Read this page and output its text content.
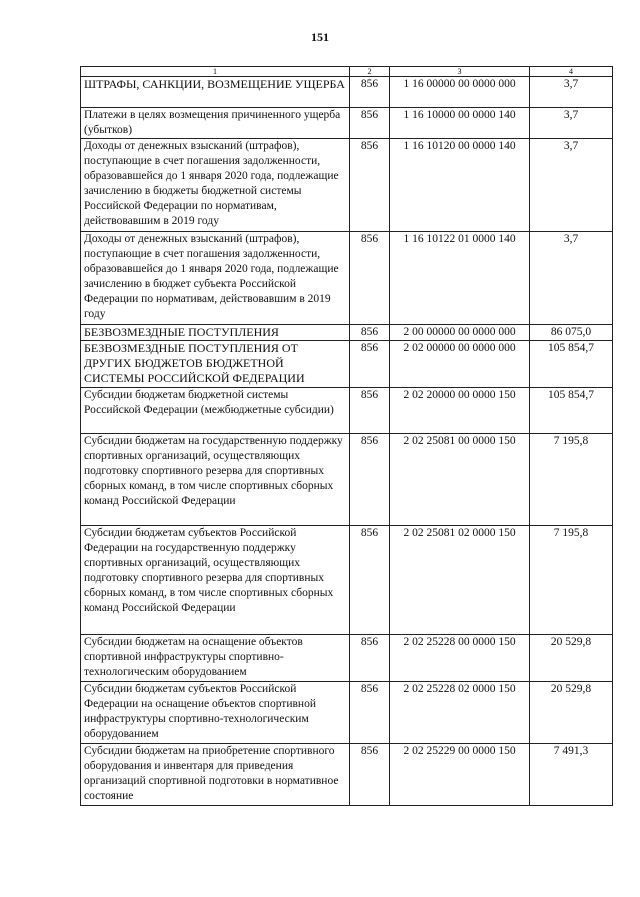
151
1	2	3	4
ШТРАФЫ, САНКЦИИ, ВОЗМЕЩЕНИЕ УЩЕРБА	856	1 16 00000 00 0000 000	3,7
Платежи в целях возмещения причиненного ущерба (убытков)	856	1 16 10000 00 0000 140	3,7
Доходы от денежных взысканий (штрафов), поступающие в счет погашения задолженности, образовавшейся до 1 января 2020 года, подлежащие зачислению в бюджеты бюджетной системы Российской Федерации по нормативам, действовавшим в 2019 году	856	1 16 10120 00 0000 140	3,7
Доходы от денежных взысканий (штрафов), поступающие в счет погашения задолженности, образовавшейся до 1 января 2020 года, подлежащие зачислению в бюджет субъекта Российской Федерации по нормативам, действовавшим в 2019 году	856	1 16 10122 01 0000 140	3,7
БЕЗВОЗМЕЗДНЫЕ ПОСТУПЛЕНИЯ	856	2 00 00000 00 0000 000	86 075,0
БЕЗВОЗМЕЗДНЫЕ ПОСТУПЛЕНИЯ ОТ ДРУГИХ БЮДЖЕТОВ БЮДЖЕТНОЙ СИСТЕМЫ РОССИЙСКОЙ ФЕДЕРАЦИИ	856	2 02 00000 00 0000 000	105 854,7
Субсидии бюджетам бюджетной системы Российской Федерации (межбюджетные субсидии)	856	2 02 20000 00 0000 150	105 854,7
Субсидии бюджетам на государственную поддержку спортивных организаций, осуществляющих подготовку спортивного резерва для спортивных сборных команд, в том числе спортивных сборных команд Российской Федерации	856	2 02 25081 00 0000 150	7 195,8
Субсидии бюджетам субъектов Российской Федерации на государственную поддержку спортивных организаций, осуществляющих подготовку спортивного резерва для спортивных сборных команд, в том числе спортивных сборных команд Российской Федерации	856	2 02 25081 02 0000 150	7 195,8
Субсидии бюджетам на оснащение объектов спортивной инфраструктуры спортивно-технологическим оборудованием	856	2 02 25228 00 0000 150	20 529,8
Субсидии бюджетам субъектов Российской Федерации на оснащение объектов спортивной инфраструктуры спортивно-технологическим оборудованием	856	2 02 25228 02 0000 150	20 529,8
Субсидии бюджетам на приобретение спортивного оборудования и инвентаря для приведения организаций спортивной подготовки в нормативное состояние	856	2 02 25229 00 0000 150	7 491,3
